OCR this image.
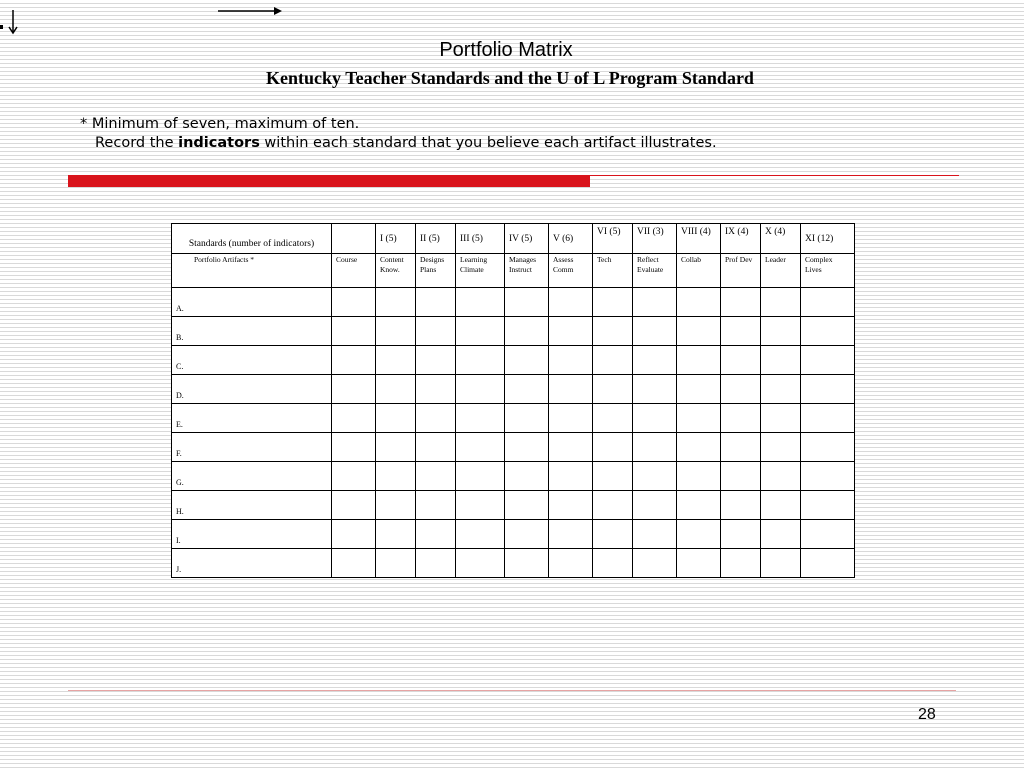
Portfolio Matrix
Kentucky Teacher Standards and the U of L Program Standard
* Minimum of seven, maximum of ten.
Record the indicators within each standard that you believe each artifact illustrates.
Standards (number of indicators)		I (5)	II (5)	III (5)	IV (5)	V (6)	VI (5)	VII (3)	VIII (4)	IX (4)	X (4)	XI (12)
Portfolio Artifacts *	Course	Content Know.	Designs Plans	Learning Climate	Manages Instruct	Assess Comm	Tech	Reflect Evaluate	Collab	Prof Dev	Leader	Complex Lives
A.												
B.												
C.												
D.												
E.												
F.												
G.												
H.												
I.												
J.												
28
